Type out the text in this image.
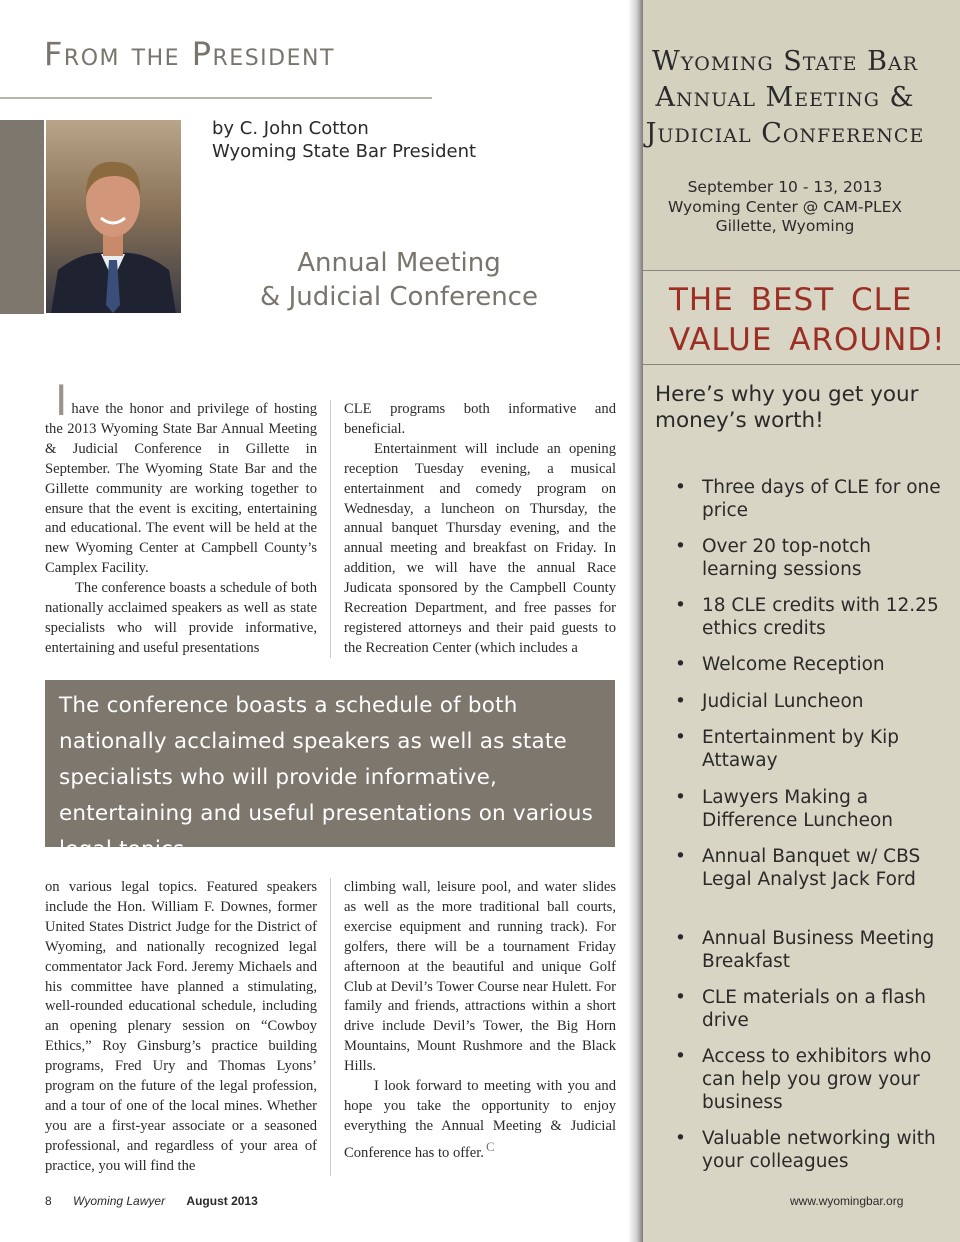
From the President
by C. John Cotton
Wyoming State Bar President
Annual Meeting
& Judicial Conference

I have the honor and privilege of hosting the 2013 Wyoming State Bar Annual Meeting & Judicial Conference in Gillette in September. The Wyoming State Bar and the Gillette community are working together to ensure that the event is exciting, entertaining and educational. The event will be held at the new Wyoming Center at Campbell County’s Camplex Facility.

The conference boasts a schedule of both nationally acclaimed speakers as well as state specialists who will provide informative, entertaining and useful presentations

CLE programs both informative and beneficial.

Entertainment will include an opening reception Tuesday evening, a musical entertainment and comedy program on Wednesday, a luncheon on Thursday, the annual banquet Thursday evening, and the annual meeting and breakfast on Friday. In addition, we will have the annual Race Judicata sponsored by the Campbell County Recreation Department, and free passes for registered attorneys and their paid guests to the Recreation Center (which includes a

The conference boasts a schedule of both nationally acclaimed speakers as well as state specialists who will provide informative, entertaining and useful presentations on various legal topics.

on various legal topics. Featured speakers include the Hon. William F. Downes, former United States District Judge for the District of Wyoming, and nationally recognized legal commentator Jack Ford. Jeremy Michaels and his committee have planned a stimulating, well-rounded educational schedule, including an opening plenary session on “Cowboy Ethics,” Roy Ginsburg’s practice building programs, Fred Ury and Thomas Lyons’ program on the future of the legal profession, and a tour of one of the local mines. Whether you are a first-year associate or a seasoned professional, and regardless of your area of practice, you will find the

climbing wall, leisure pool, and water slides as well as the more traditional ball courts, exercise equipment and running track). For golfers, there will be a tournament Friday afternoon at the beautiful and unique Golf Club at Devil’s Tower Course near Hulett. For family and friends, attractions within a short drive include Devil’s Tower, the Big Horn Mountains, Mount Rushmore and the Black Hills.

I look forward to meeting with you and hope you take the opportunity to enjoy everything the Annual Meeting & Judicial Conference has to offer. $^C$

8 Wyoming Lawyer August 2013
Wyoming State Bar
Annual Meeting &
Judicial Conference
September 10 - 13, 2013
Wyoming Center @ CAM-PLEX
Gillette, Wyoming
THE BEST CLE
VALUE AROUND!
Here’s why you get your money’s worth!
• Three days of CLE for one price
• Over 20 top-notch learning sessions
• 18 CLE credits with 12.25 ethics credits
• Welcome Reception
• Judicial Luncheon
• Entertainment by Kip Attaway
• Lawyers Making a Difference Luncheon
• Annual Banquet w/ CBS Legal Analyst Jack Ford
• Annual Business Meeting Breakfast
• CLE materials on a flash drive
• Access to exhibitors who can help you grow your business
• Valuable networking with your colleagues
www.wyomingbar.org
